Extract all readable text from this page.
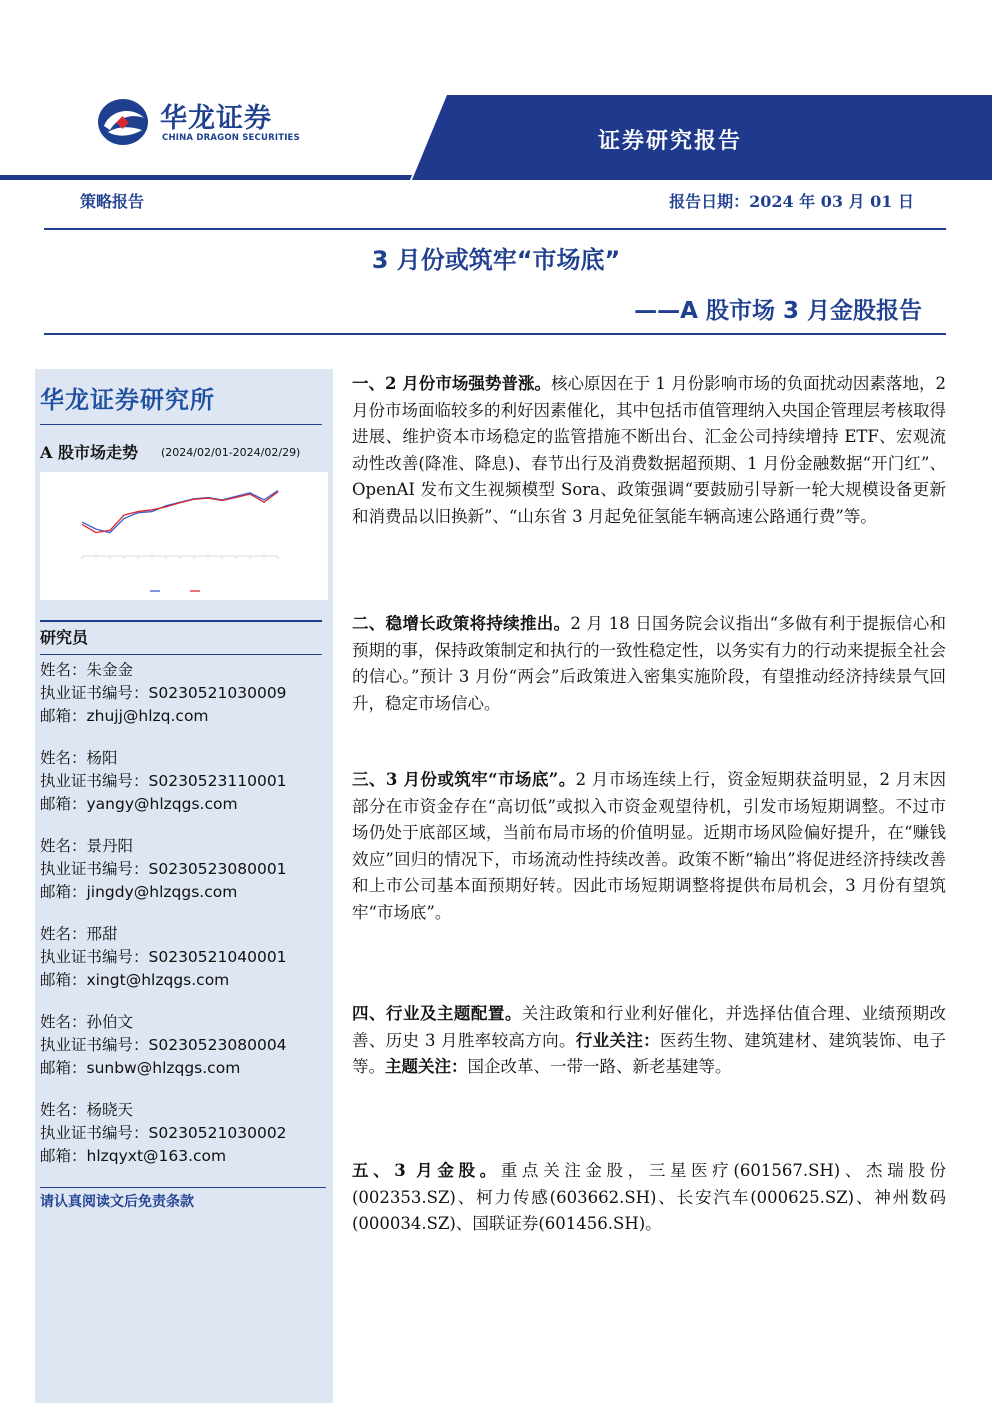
华龙证券
CHINA DRAGON SECURITIES	证券研究报告
策略报告	报告日期：2024 年 03 月 01 日
3 月份或筑牢“市场底”
——A 股市场 3 月金股报告
华龙证券研究所
A 股市场走势 (2024/02/01-2024/02/29)
研究员
姓名：朱金金
执业证书编号：S0230521030009
邮箱：zhujj@hlzq.com
姓名：杨阳
执业证书编号：S0230523110001
邮箱：yangy@hlzqgs.com
姓名：景丹阳
执业证书编号：S0230523080001
邮箱：jingdy@hlzqgs.com
姓名：邢甜
执业证书编号：S0230521040001
邮箱：xingt@hlzqgs.com
姓名：孙伯文
执业证书编号：S0230523080004
邮箱：sunbw@hlzqgs.com
姓名：杨晓天
执业证书编号：S0230521030002
邮箱：hlzqyxt@163.com
请认真阅读文后免责条款
一、2 月份市场强势普涨。核心原因在于 1 月份影响市场的负面扰动因素落地，2 月份市场面临较多的利好因素催化，其中包括市值管理纳入央国企管理层考核取得进展、维护资本市场稳定的监管措施不断出台、汇金公司持续增持 ETF、宏观流动性改善(降准、降息)、春节出行及消费数据超预期、1 月份金融数据“开门红”、OpenAI 发布文生视频模型 Sora、政策强调“要鼓励引导新一轮大规模设备更新和消费品以旧换新”、“山东省 3 月起免征氢能车辆高速公路通行费”等。
二、稳增长政策将持续推出。2 月 18 日国务院会议指出“多做有利于提振信心和预期的事，保持政策制定和执行的一致性稳定性，以务实有力的行动来提振全社会的信心。”预计 3 月份“两会”后政策进入密集实施阶段，有望推动经济持续景气回升，稳定市场信心。
三、3 月份或筑牢“市场底”。2 月市场连续上行，资金短期获益明显，2 月末因部分在市资金存在“高切低”或拟入市资金观望待机，引发市场短期调整。不过市场仍处于底部区域，当前布局市场的价值明显。近期市场风险偏好提升，在“赚钱效应”回归的情况下，市场流动性持续改善。政策不断“输出”将促进经济持续改善和上市公司基本面预期好转。因此市场短期调整将提供布局机会，3 月份有望筑牢“市场底”。
四、行业及主题配置。关注政策和行业利好催化，并选择估值合理、业绩预期改善、历史 3 月胜率较高方向。行业关注：医药生物、建筑建材、建筑装饰、电子等。主题关注：国企改革、一带一路、新老基建等。
五、3 月金股。重点关注金股，三星医疗(601567.SH)、杰瑞股份(002353.SZ)、柯力传感(603662.SH)、长安汽车(000625.SZ)、神州数码(000034.SZ)、国联证券(601456.SH)。
